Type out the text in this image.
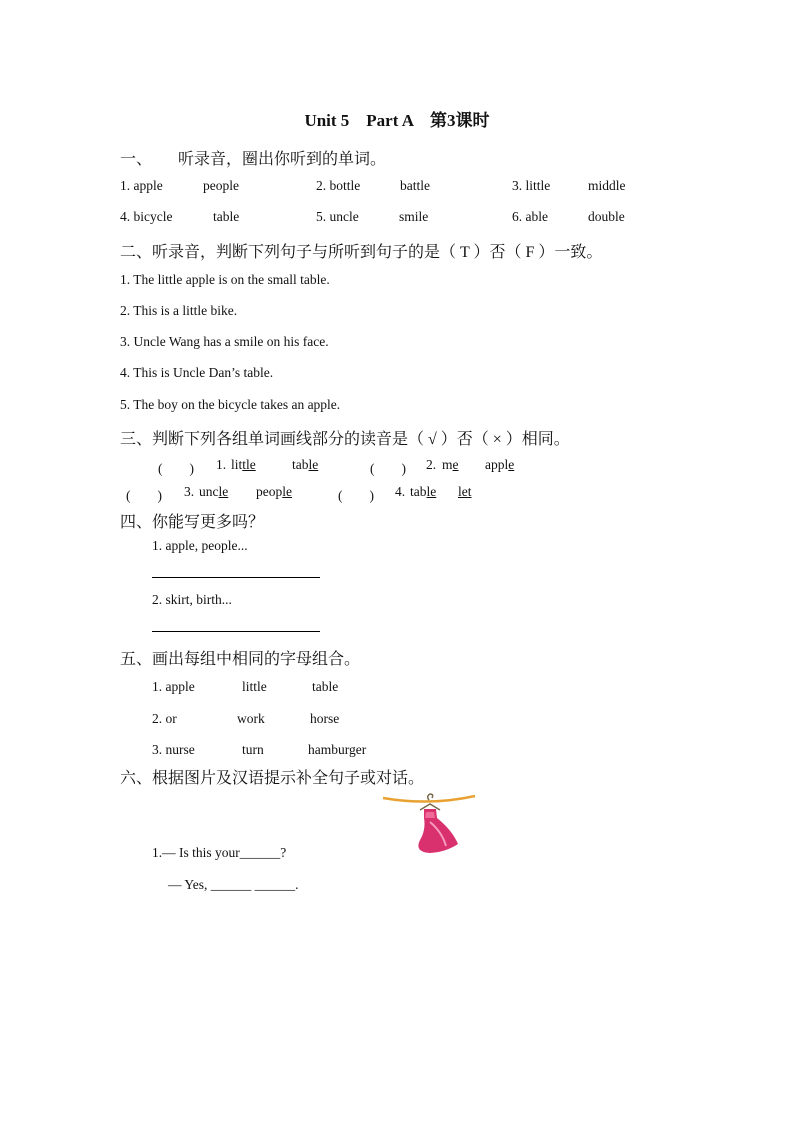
Unit 5　Part A　第3课时
一、 听录音，圈出你听到的单词。
1. apple	people	2. bottle	battle	3. little	middle
4. bicycle	table	5. uncle	smile	6. able	double
二、听录音，判断下列句子与所听到句子的是（ T ）否（ F ）一致。
1. The little apple is on the small table.
2. This is a little bike.
3. Uncle Wang has a smile on his face.
4. This is Uncle Dan’s table.
5. The boy on the bicycle takes an apple.
三、判断下列各组单词画线部分的读音是（ √ ）否（ × ）相同。
(　　) 1. little	table	(　　) 2. me apple
(　　) 3. uncle people	(　　) 4. table let
四、你能写更多吗？
1. apple, people...
2. skirt, birth...
五、画出每组中相同的字母组合。
1. apple	little	table
2. or	work	horse
3. nurse	turn	hamburger
六、根据图片及汉语提示补全句子或对话。
1.— Is this your______?
— Yes, ______ ______.
